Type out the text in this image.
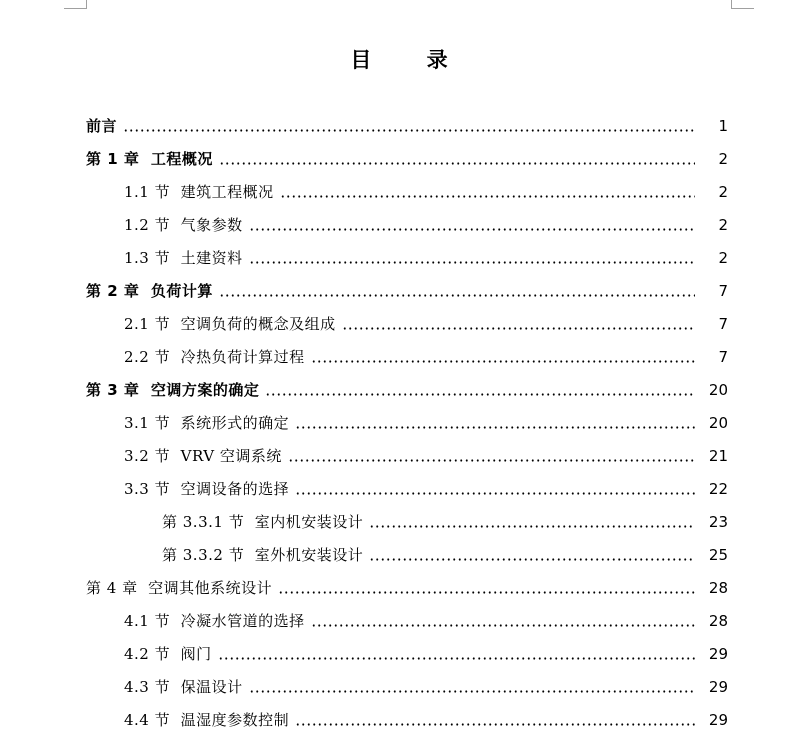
目 录
前言	1
第 1 章  工程概况	2
1.1 节  建筑工程概况	2
1.2 节  气象参数	2
1.3 节  土建资料	2
第 2 章  负荷计算	7
2.1 节  空调负荷的概念及组成	7
2.2 节  冷热负荷计算过程	7
第 3 章  空调方案的确定	20
3.1 节  系统形式的确定	20
3.2 节  VRV 空调系统	21
3.3 节  空调设备的选择	22
第 3.3.1 节  室内机安装设计	23
第 3.3.2 节  室外机安装设计	25
第 4 章  空调其他系统设计	28
4.1 节  冷凝水管道的选择	28
4.2 节  阀门	29
4.3 节  保温设计	29
4.4 节  温湿度参数控制	29
